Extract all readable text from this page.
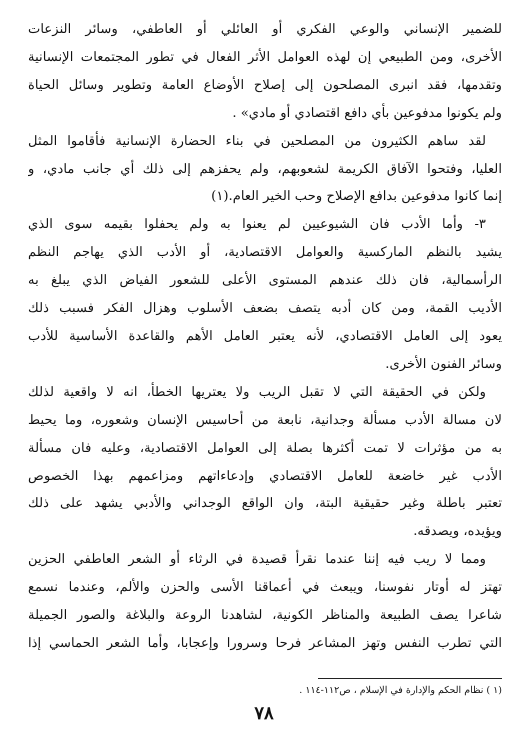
للضمير الإنساني والوعي الفكري أو العائلي أو العاطفي، وسائر النزعات
الأخرى، ومن الطبيعي إن لهذه العوامل الأثر الفعال في تطور المجتمعات الإنسانية
وتقدمها، فقد انبرى المصلحون إلى إصلاح الأوضاع العامة وتطوير وسائل الحياة
ولم يكونوا مدفوعين بأي دافع اقتصادي أو مادي» .
لقد ساهم الكثيرون من المصلحين في بناء الحضارة الإنسانية فأقاموا المثل
العليا، وفتحوا الآفاق الكريمة لشعوبهم، ولم يحفزهم إلى ذلك أي جانب مادي، و
إنما كانوا مدفوعين بدافع الإصلاح وحب الخير العام.(١)
٣- وأما الأدب فان الشيوعيين لم يعنوا به ولم يحفلوا بقيمه سوى الذي
يشيد بالنظم الماركسية والعوامل الاقتصادية، أو الأدب الذي يهاجم النظم
الرأسمالية، فان ذلك عندهم المستوى الأعلى للشعور الفياض الذي يبلغ به
الأديب القمة، ومن كان أدبه يتصف بضعف الأسلوب وهزال الفكر فسبب ذلك
يعود إلى العامل الاقتصادي، لأنه يعتبر العامل الأهم والقاعدة الأساسية للأدب
وسائر الفنون الأخرى.
ولكن في الحقيقة التي لا تقبل الريب ولا يعتريها الخطأ، انه لا واقعية لذلك
لان مسالة الأدب مسألة وجدانية، نابعة من أحاسيس الإنسان وشعوره، وما يحيط
به من مؤثرات لا تمت أكثرها بصلة إلى العوامل الاقتصادية، وعليه فان مسألة
الأدب غير خاضعة للعامل الاقتصادي وإدعاءاتهم ومزاعمهم بهذا الخصوص
تعتبر باطلة وغير حقيقية البتة، وان الواقع الوجداني والأدبي يشهد على ذلك
ويؤيده، ويصدقه.
ومما لا ريب فيه إننا عندما نقرأ قصيدة في الرثاء أو الشعر العاطفي الحزين
تهتز له أوتار نفوسنا، ويبعث في أعماقنا الأسى والحزن والألم، وعندما نسمع
شاعرا يصف الطبيعة والمناظر الكونية، لشاهدنا الروعة والبلاغة والصور الجميلة
التي تطرب النفس وتهز المشاعر فرحا وسرورا وإعجابا، وأما الشعر الحماسي إذا
(١ ) نظام الحكم والإدارة في الإسلام ، ص١١٢-١١٤ .
٧٨
